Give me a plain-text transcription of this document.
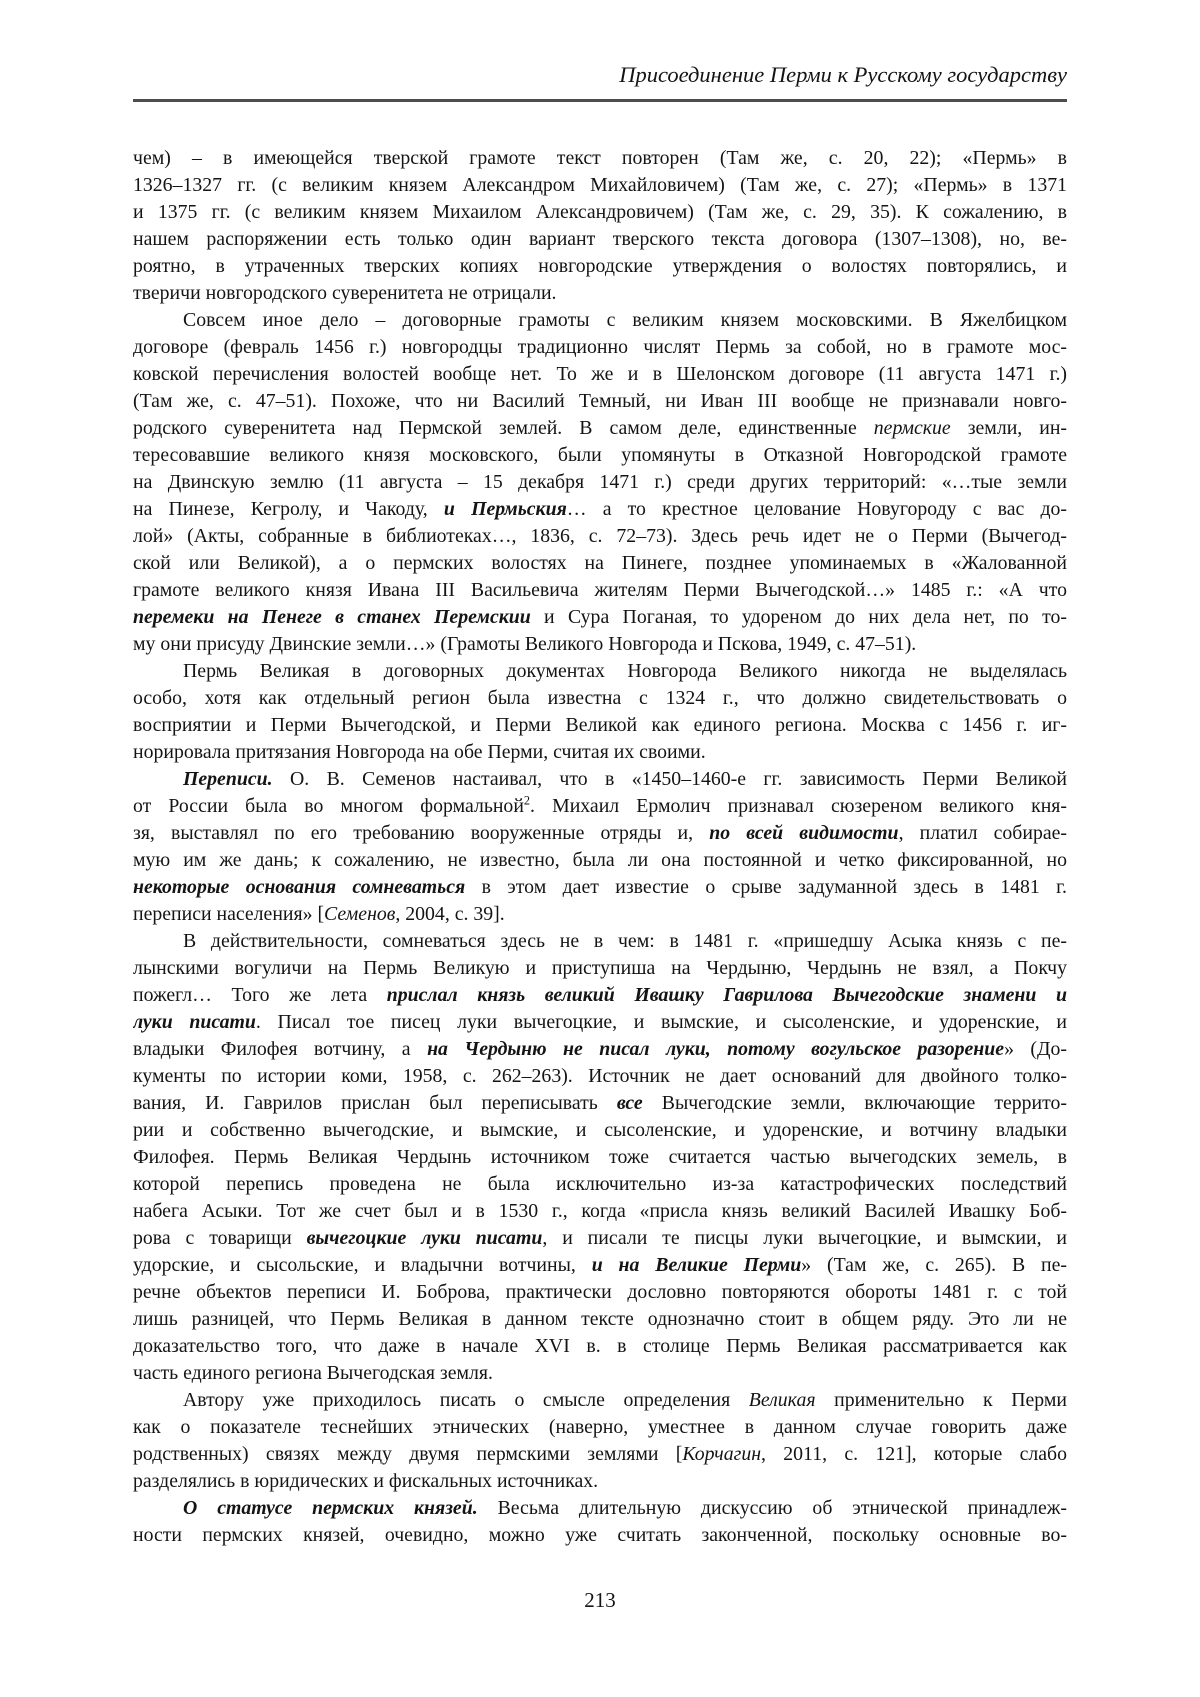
Присоединение Перми к Русскому государству
чем) – в имеющейся тверской грамоте текст повторен (Там же, с. 20, 22); «Пермь» в
1326–1327 гг. (с великим князем Александром Михайловичем) (Там же, с. 27); «Пермь» в 1371
и 1375 гг. (с великим князем Михаилом Александровичем) (Там же, с. 29, 35). К сожалению, в
нашем распоряжении есть только один вариант тверского текста договора (1307–1308), но, ве-
роятно, в утраченных тверских копиях новгородские утверждения о волостях повторялись, и
тверичи новгородского суверенитета не отрицали.
Совсем иное дело – договорные грамоты с великим князем московскими. В Яжелбицком
договоре (февраль 1456 г.) новгородцы традиционно числят Пермь за собой, но в грамоте мос-
ковской перечисления волостей вообще нет. То же и в Шелонском договоре (11 августа 1471 г.)
(Там же, с. 47–51). Похоже, что ни Василий Темный, ни Иван III вообще не признавали новго-
родского суверенитета над Пермской землей. В самом деле, единственные пермские земли, ин-
тересовавшие великого князя московского, были упомянуты в Отказной Новгородской грамоте
на Двинскую землю (11 августа – 15 декабря 1471 г.) среди других территорий: «…тые земли
на Пинезе, Кегролу, и Чакоду, и Пермьския… а то крестное целование Новугороду с вас до-
лой» (Акты, собранные в библиотеках…, 1836, с. 72–73). Здесь речь идет не о Перми (Вычегод-
ской или Великой), а о пермских волостях на Пинеге, позднее упоминаемых в «Жалованной
грамоте великого князя Ивана III Васильевича жителям Перми Вычегодской…» 1485 г.: «А что
перемеки на Пенеге в станех Перемскии и Сура Поганая, то удореном до них дела нет, по то-
му они присуду Двинские земли…» (Грамоты Великого Новгорода и Пскова, 1949, с. 47–51).
Пермь Великая в договорных документах Новгорода Великого никогда не выделялась
особо, хотя как отдельный регион была известна с 1324 г., что должно свидетельствовать о
восприятии и Перми Вычегодской, и Перми Великой как единого региона. Москва с 1456 г. иг-
норировала притязания Новгорода на обе Перми, считая их своими.
Переписи. О. В. Семенов настаивал, что в «1450–1460-е гг. зависимость Перми Великой
от России была во многом формальной$^2$. Михаил Ермолич признавал сюзереном великого кня-
зя, выставлял по его требованию вооруженные отряды и, по всей видимости, платил собирае-
мую им же дань; к сожалению, не известно, была ли она постоянной и четко фиксированной, но
некоторые основания сомневаться в этом дает известие о срыве задуманной здесь в 1481 г.
переписи населения» [Семенов, 2004, с. 39].
В действительности, сомневаться здесь не в чем: в 1481 г. «пришедшу Асыка князь с пе-
лынскими вогуличи на Пермь Великую и приступиша на Чердыню, Чердынь не взял, а Покчу
пожегл… Того же лета прислал князь великий Ивашку Гаврилова Вычегодские знамени и
луки писати. Писал тое писец луки вычегоцкие, и вымские, и сысоленские, и удоренские, и
владыки Филофея вотчину, а на Чердыню не писал луки, потому вогульское разорение» (До-
кументы по истории коми, 1958, с. 262–263). Источник не дает оснований для двойного толко-
вания, И. Гаврилов прислан был переписывать все Вычегодские земли, включающие террито-
рии и собственно вычегодские, и вымские, и сысоленские, и удоренские, и вотчину владыки
Филофея. Пермь Великая Чердынь источником тоже считается частью вычегодских земель, в
которой перепись проведена не была исключительно из-за катастрофических последствий
набега Асыки. Тот же счет был и в 1530 г., когда «присла князь великий Василей Ивашку Боб-
рова с товарищи вычегоцкие луки писати, и писали те писцы луки вычегоцкие, и вымскии, и
удорские, и сысольские, и владычни вотчины, и на Великие Перми» (Там же, с. 265). В пе-
речне объектов переписи И. Боброва, практически дословно повторяются обороты 1481 г. с той
лишь разницей, что Пермь Великая в данном тексте однозначно стоит в общем ряду. Это ли не
доказательство того, что даже в начале XVI в. в столице Пермь Великая рассматривается как
часть единого региона Вычегодская земля.
Автору уже приходилось писать о смысле определения Великая применительно к Перми
как о показателе теснейших этнических (наверно, уместнее в данном случае говорить даже
родственных) связях между двумя пермскими землями [Корчагин, 2011, с. 121], которые слабо
разделялись в юридических и фискальных источниках.
О статусе пермских князей. Весьма длительную дискуссию об этнической принадлеж-
ности пермских князей, очевидно, можно уже считать законченной, поскольку основные во-
213
